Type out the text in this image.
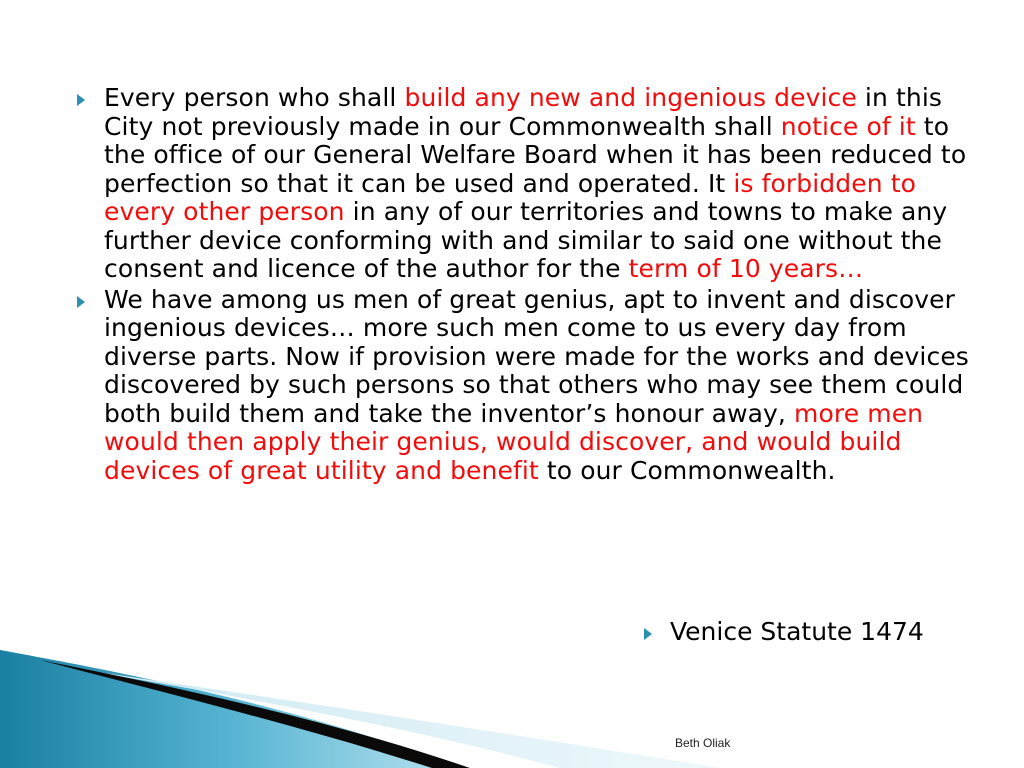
Every person who shall build any new and ingenious device in this City not previously made in our Commonwealth shall notice of it to the office of our General Welfare Board when it has been reduced to perfection so that it can be used and operated. It is forbidden to every other person in any of our territories and towns to make any further device conforming with and similar to said one without the consent and licence of the author for the term of 10 years…
We have among us men of great genius, apt to invent and discover ingenious devices… more such men come to us every day from diverse parts. Now if provision were made for the works and devices discovered by such persons so that others who may see them could both build them and take the inventor’s honour away, more men would then apply their genius, would discover, and would build devices of great utility and benefit to our Commonwealth.
Venice Statute 1474
Beth Oliak
